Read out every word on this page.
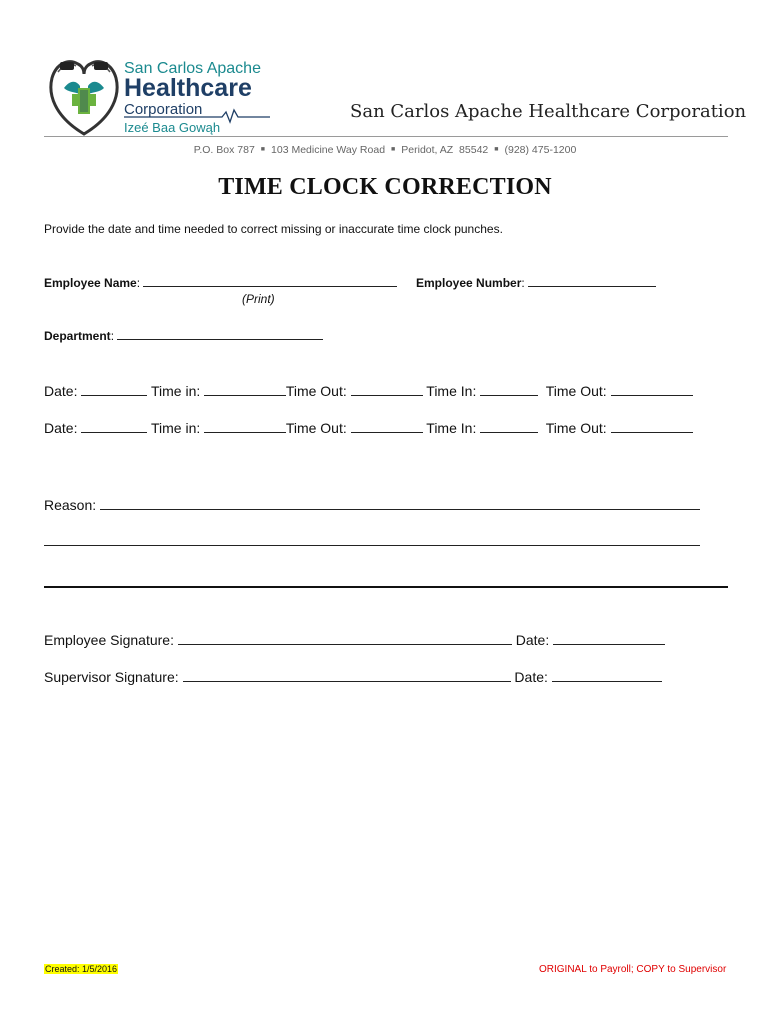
San Carlos Apache
Healthcare
Corporation
Izeé Baa Gowąh
San Carlos Apache Healthcare Corporation
P.O. Box 787 ■ 103 Medicine Way Road ■ Peridot, AZ  85542 ■ (928) 475-1200
TIME CLOCK CORRECTION
Provide the date and time needed to correct missing or inaccurate time clock punches.
Employee Name:	Employee Number:
(Print)
Department:
Date:	Time in:	Time Out:	Time In:	Time Out:
Date:	Time in:	Time Out:	Time In:	Time Out:
Reason:
Employee Signature:	Date:
Supervisor Signature:	Date:
Created: 1/5/2016	ORIGINAL to Payroll; COPY to Supervisor
